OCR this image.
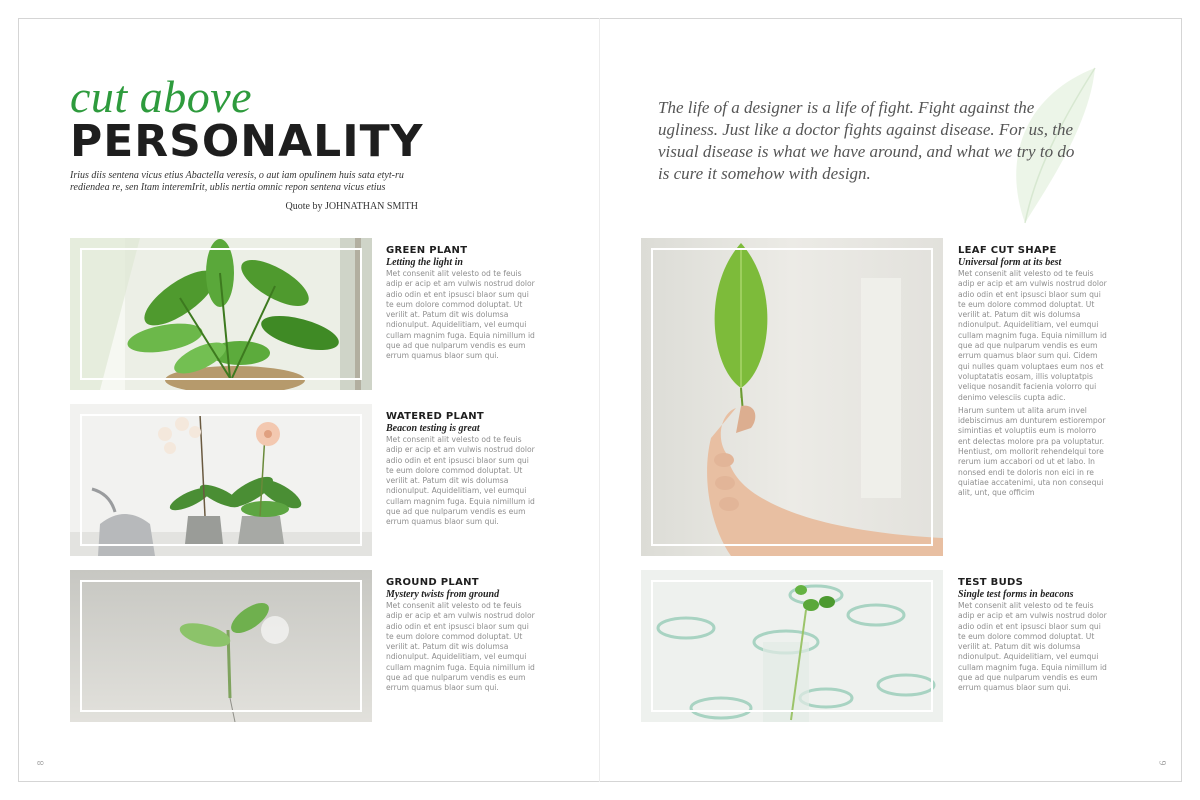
cut above
PERSONALITY

Irius diis sentena vicus etius Abactella veresis, o aut iam opulinem huis sata etyt-ru rediendea re, sen Itam interemIrit, ublis nertia omnic repon sentena vicus etius

Quote by JOHNATHAN SMITH
GREEN PLANT
Letting the light in

Met consenit alit velesto od te feuis adip er acip et am vulwis nostrud dolor adio odin et ent ipsusci blaor sum qui te eum dolore commod doluptat. Ut verilit at. Patum dit wis dolumsa ndionulput. Aquidelitiam, vel eumqui cullam magnim fuga. Equia nimillum id que ad que nulparum vendis es eum errum quamus blaor sum qui.

WATERED PLANT
Beacon testing is great

Met consenit alit velesto od te feuis adip er acip et am vulwis nostrud dolor adio odin et ent ipsusci blaor sum qui te eum dolore commod doluptat. Ut verilit at. Patum dit wis dolumsa ndionulput. Aquidelitiam, vel eumqui cullam magnim fuga. Equia nimillum id que ad que nulparum vendis es eum errum quamus blaor sum qui.

GROUND PLANT
Mystery twists from ground

Met consenit alit velesto od te feuis adip er acip et am vulwis nostrud dolor adio odin et ent ipsusci blaor sum qui te eum dolore commod doluptat. Ut verilit at. Patum dit wis dolumsa ndionulput. Aquidelitiam, vel eumqui cullam magnim fuga. Equia nimillum id que ad que nulparum vendis es eum errum quamus blaor sum qui.

8

The life of a designer is a life of fight. Fight against the ugliness. Just like a doctor fights against disease. For us, the visual disease is what we have around, and what we try to do is cure it somehow with design.

LEAF CUT SHAPE
Universal form at its best

Met consenit alit velesto od te feuis adip er acip et am vulwis nostrud dolor adio odin et ent ipsusci blaor sum qui te eum dolore commod doluptat. Ut verilit at. Patum dit wis dolumsa ndionulput. Aquidelitiam, vel eumqui cullam magnim fuga. Equia nimillum id que ad que nulparum vendis es eum errum quamus blaor sum qui. Cidem qui nulles quam voluptaes eum nos et voluptatatis eosam, illis voluptatpis velique nosandit facienia volorro qui denimo velesciis cupta adic.

Harum suntem ut alita arum invel idebiscimus am dunturem estiorempor simintias et voluptiis eum is molorro ent delectas molore pra pa voluptatur. Hentiust, om mollorit rehendelqui tore rerum ium accabori od ut et labo. In nonsed endi te doloris non eici in re quiatiae accatenimi, uta non consequi alit, unt, que officim

TEST BUDS
Single test forms in beacons

Met consenit alit velesto od te feuis adip er acip et am vulwis nostrud dolor adio odin et ent ipsusci blaor sum qui te eum dolore commod doluptat. Ut verilit at. Patum dit wis dolumsa ndionulput. Aquidelitiam, vel eumqui cullam magnim fuga. Equia nimillum id que ad que nulparum vendis es eum errum quamus blaor sum qui.

9
